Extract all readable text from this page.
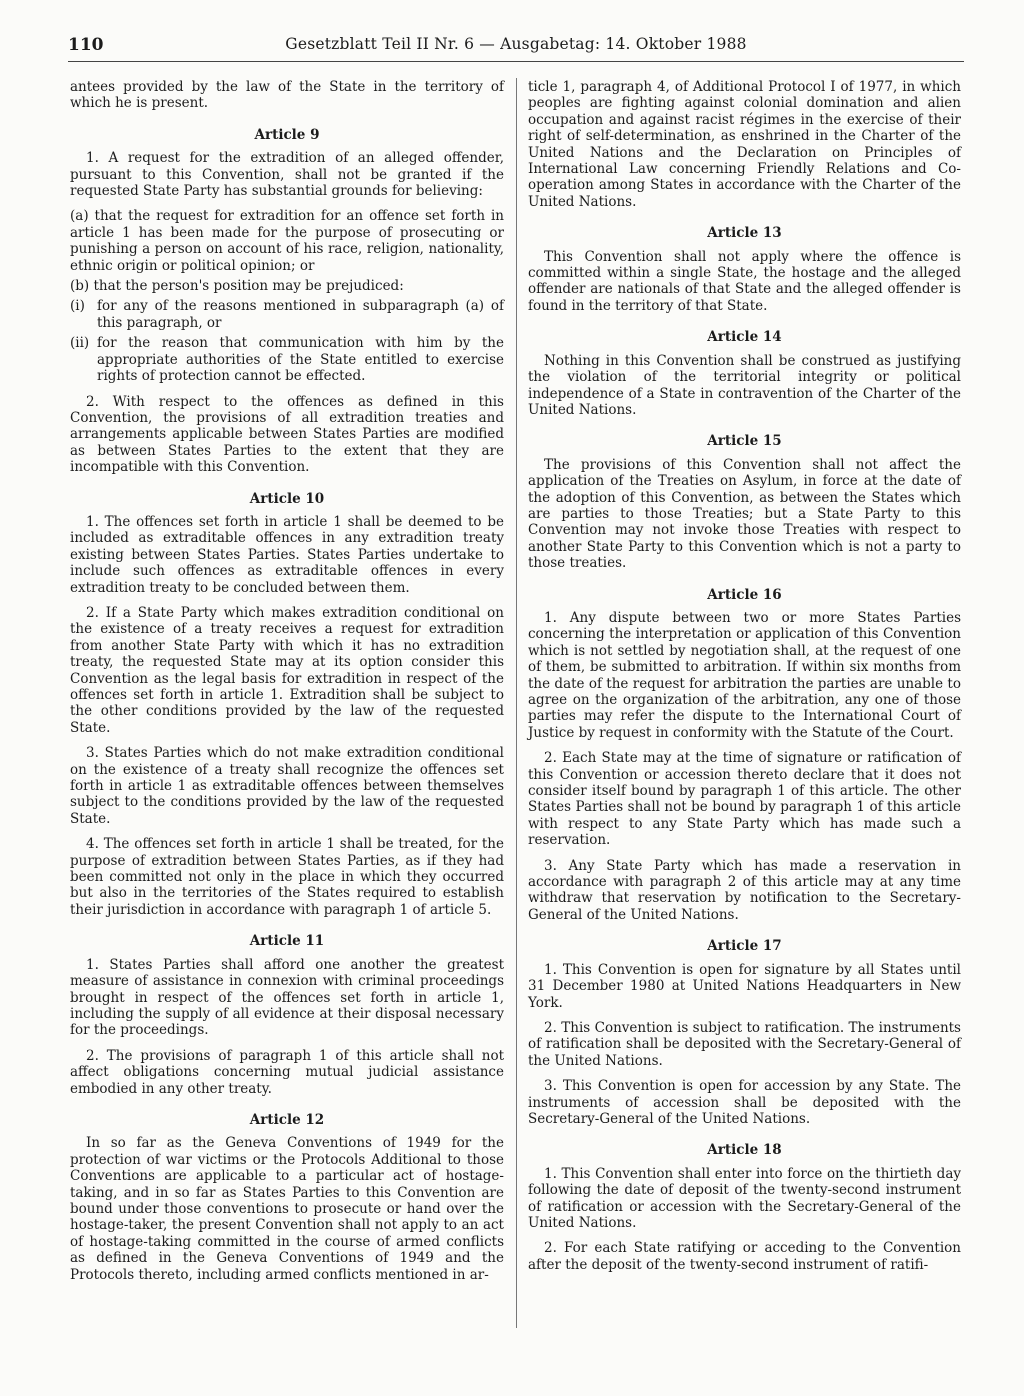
110	Gesetzblatt Teil II Nr. 6 — Ausgabetag: 14. Oktober 1988

antees provided by the law of the State in the territory of which he is present.

Article 9

1. A request for the extradition of an alleged offender, pursuant to this Convention, shall not be granted if the requested State Party has substantial grounds for believing:

(a) that the request for extradition for an offence set forth in article 1 has been made for the purpose of prosecuting or punishing a person on account of his race, religion, nationality, ethnic origin or political opinion; or

(b) that the person's position may be prejudiced:

(i) for any of the reasons mentioned in subparagraph (a) of this paragraph, or
(ii) for the reason that communication with him by the appropriate authorities of the State entitled to exercise rights of protection cannot be effected.

2. With respect to the offences as defined in this Convention, the provisions of all extradition treaties and arrangements applicable between States Parties are modified as between States Parties to the extent that they are incompatible with this Convention.

Article 10

1. The offences set forth in article 1 shall be deemed to be included as extraditable offences in any extradition treaty existing between States Parties. States Parties undertake to include such offences as extraditable offences in every extradition treaty to be concluded between them.

2. If a State Party which makes extradition conditional on the existence of a treaty receives a request for extradition from another State Party with which it has no extradition treaty, the requested State may at its option consider this Convention as the legal basis for extradition in respect of the offences set forth in article 1. Extradition shall be subject to the other conditions provided by the law of the requested State.

3. States Parties which do not make extradition conditional on the existence of a treaty shall recognize the offences set forth in article 1 as extraditable offences between themselves subject to the conditions provided by the law of the requested State.

4. The offences set forth in article 1 shall be treated, for the purpose of extradition between States Parties, as if they had been committed not only in the place in which they occurred but also in the territories of the States required to establish their jurisdiction in accordance with paragraph 1 of article 5.

Article 11

1. States Parties shall afford one another the greatest measure of assistance in connexion with criminal proceedings brought in respect of the offences set forth in article 1, including the supply of all evidence at their disposal necessary for the proceedings.

2. The provisions of paragraph 1 of this article shall not affect obligations concerning mutual judicial assistance embodied in any other treaty.

Article 12

In so far as the Geneva Conventions of 1949 for the protection of war victims or the Protocols Additional to those Conventions are applicable to a particular act of hostage-taking, and in so far as States Parties to this Convention are bound under those conventions to prosecute or hand over the hostage-taker, the present Convention shall not apply to an act of hostage-taking committed in the course of armed conflicts as defined in the Geneva Conventions of 1949 and the Protocols thereto, including armed conflicts mentioned in ar-

ticle 1, paragraph 4, of Additional Protocol I of 1977, in which peoples are fighting against colonial domination and alien occupation and against racist régimes in the exercise of their right of self-determination, as enshrined in the Charter of the United Nations and the Declaration on Principles of International Law concerning Friendly Relations and Co-operation among States in accordance with the Charter of the United Nations.

Article 13

This Convention shall not apply where the offence is committed within a single State, the hostage and the alleged offender are nationals of that State and the alleged offender is found in the territory of that State.

Article 14

Nothing in this Convention shall be construed as justifying the violation of the territorial integrity or political independence of a State in contravention of the Charter of the United Nations.

Article 15

The provisions of this Convention shall not affect the application of the Treaties on Asylum, in force at the date of the adoption of this Convention, as between the States which are parties to those Treaties; but a State Party to this Convention may not invoke those Treaties with respect to another State Party to this Convention which is not a party to those treaties.

Article 16

1. Any dispute between two or more States Parties concerning the interpretation or application of this Convention which is not settled by negotiation shall, at the request of one of them, be submitted to arbitration. If within six months from the date of the request for arbitration the parties are unable to agree on the organization of the arbitration, any one of those parties may refer the dispute to the International Court of Justice by request in conformity with the Statute of the Court.

2. Each State may at the time of signature or ratification of this Convention or accession thereto declare that it does not consider itself bound by paragraph 1 of this article. The other States Parties shall not be bound by paragraph 1 of this article with respect to any State Party which has made such a reservation.

3. Any State Party which has made a reservation in accordance with paragraph 2 of this article may at any time withdraw that reservation by notification to the Secretary-General of the United Nations.

Article 17

1. This Convention is open for signature by all States until 31 December 1980 at United Nations Headquarters in New York.

2. This Convention is subject to ratification. The instruments of ratification shall be deposited with the Secretary-General of the United Nations.

3. This Convention is open for accession by any State. The instruments of accession shall be deposited with the Secretary-General of the United Nations.

Article 18

1. This Convention shall enter into force on the thirtieth day following the date of deposit of the twenty-second instrument of ratification or accession with the Secretary-General of the United Nations.

2. For each State ratifying or acceding to the Convention after the deposit of the twenty-second instrument of ratifi-
